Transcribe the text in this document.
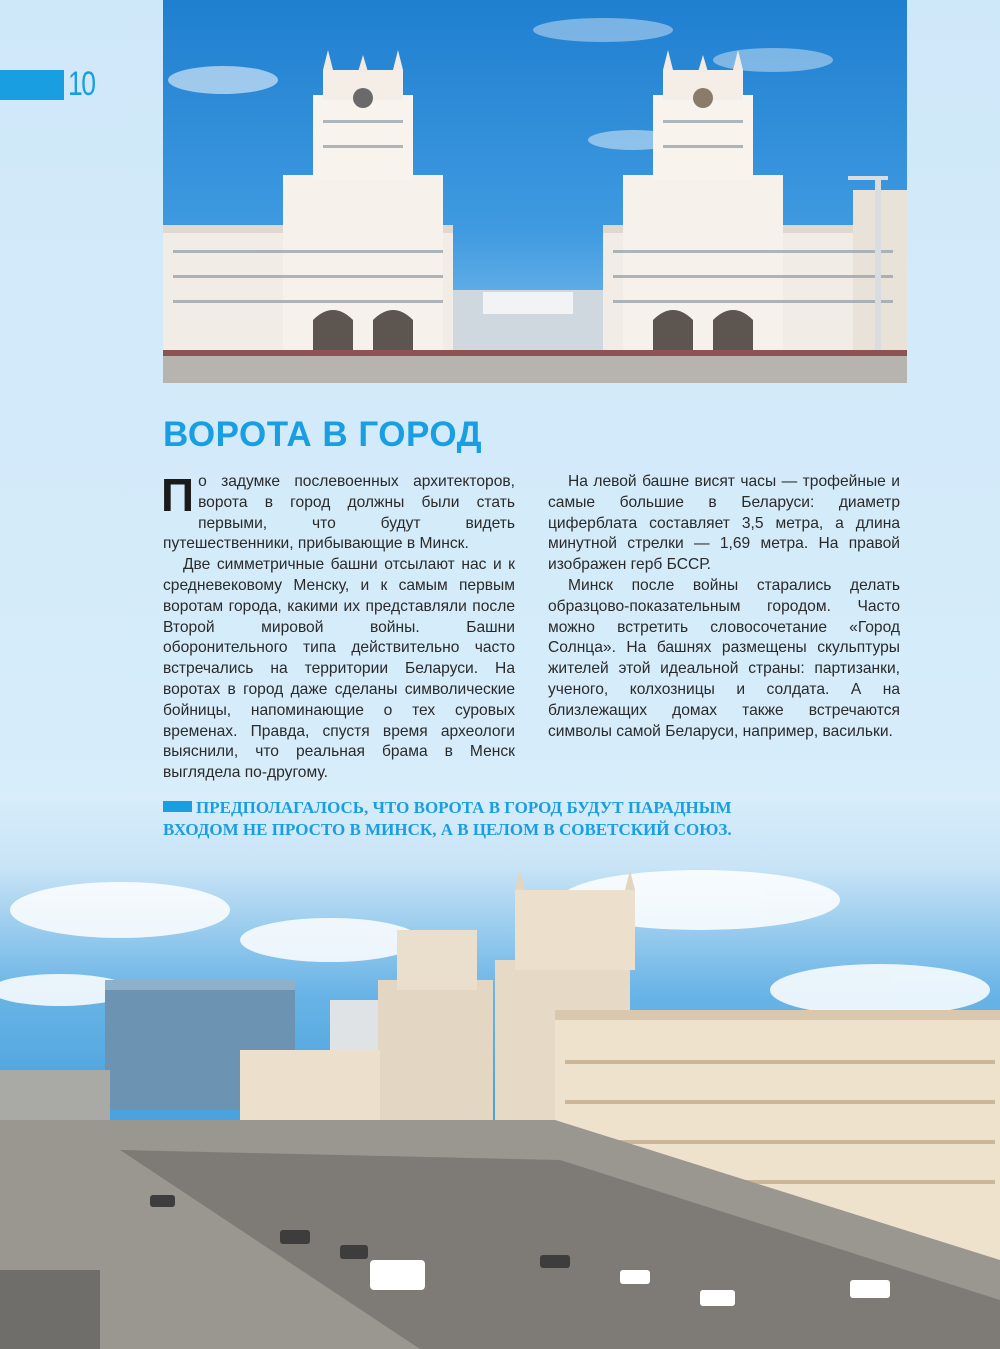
10
ВОРОТА В ГОРОД

По задумке послевоенных архитекторов, ворота в город должны были стать первыми, что будут видеть путешественники, прибывающие в Минск.

Две симметричные башни отсылают нас и к средневековому Менску, и к самым первым воротам города, какими их представляли после Второй мировой войны. Башни оборонительного типа действительно часто встречались на территории Беларуси. На воротах в город даже сделаны символические бойницы, напоминающие о тех суровых временах. Правда, спустя время археологи выяснили, что реальная брама в Менск выглядела по-другому.

На левой башне висят часы — трофейные и самые большие в Беларуси: диаметр циферблата составляет 3,5 метра, а длина минутной стрелки — 1,69 метра. На правой изображен герб БССР.

Минск после войны старались делать образцово-показательным городом. Часто можно встретить словосочетание «Город Солнца». На башнях размещены скульптуры жителей этой идеальной страны: партизанки, ученого, колхозницы и солдата. А на близлежащих домах также встречаются символы самой Беларуси, например, васильки.

ПРЕДПОЛАГАЛОСЬ, ЧТО ВОРОТА В ГОРОД БУДУТ ПАРАДНЫМ ВХОДОМ НЕ ПРОСТО В МИНСК, А В ЦЕЛОМ В СОВЕТСКИЙ СОЮЗ.
